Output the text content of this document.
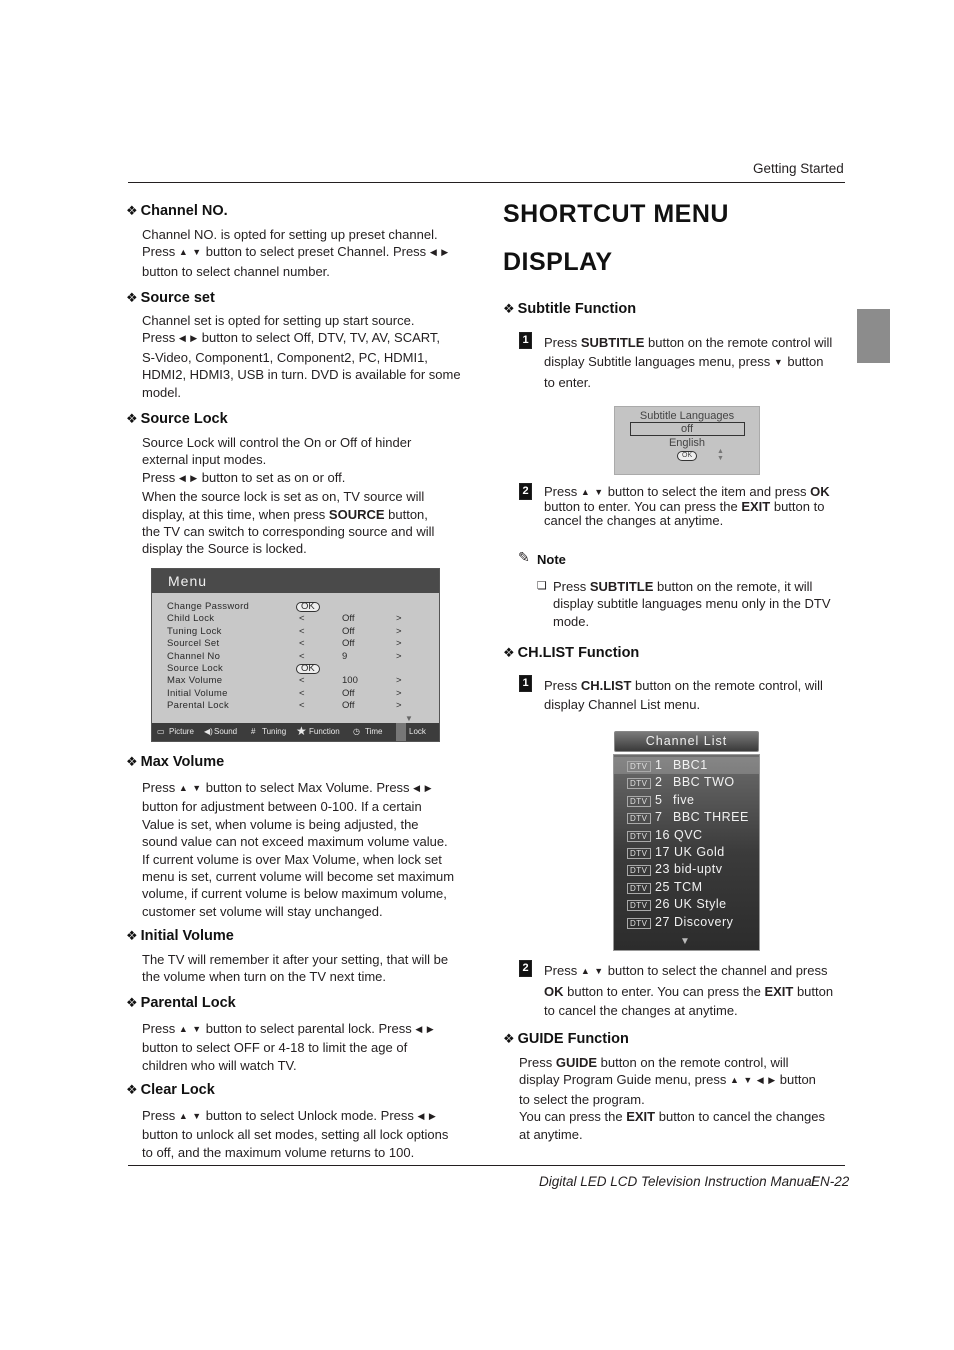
Getting Started
❖ Channel NO.

Channel NO. is opted for setting up preset channel.

Press ▲ ▼ button to select preset Channel. Press ◀ ▶

button to select channel number.

❖ Source set

Channel set is opted for setting up start source.

Press ◀ ▶ button to select Off, DTV, TV, AV, SCART,

S-Video, Component1, Component2, PC, HDMI1,

HDMI2, HDMI3, USB in turn. DVD is available for some

model.

❖ Source Lock

Source Lock will control the On or Off of hinder

external input modes.

Press ◀ ▶ button to set as on or off.

When the source lock is set as on, TV source will

display, at this time, when press SOURCE button,

the TV can switch to corresponding source and will

display the Source is locked.

Menu
Change Password	OK
Child Lock	<	Off	>
Tuning Lock	<	Off	>
Sourcel Set	<	Off	>
Channel No	<	9	>
Source Lock	OK
Max Volume	<	100	>
Initial Volume	<	Off	>
Parental Lock	<	Off	>
▼
▭ Picture ◀) Sound # Tuning ★ Function ◷ Time	Lock
❖ Max Volume

Press ▲ ▼ button to select Max Volume. Press ◀ ▶

button for adjustment between 0-100. If a certain

Value is set, when volume is being adjusted, the

sound value can not exceed maximum volume value.

If current volume is over Max Volume, when lock set

menu is set, current volume will become set maximum

volume, if current volume is below maximum volume,

customer set volume will stay unchanged.

❖ Initial Volume

The TV will remember it after your setting, that will be

the volume when turn on the TV next time.

❖ Parental Lock

Press ▲ ▼ button to select parental lock. Press ◀ ▶

button to select OFF or 4-18 to limit the age of

children who will watch TV.

❖ Clear Lock

Press ▲ ▼ button to select Unlock mode. Press ◀ ▶

button to unlock all set modes, setting all lock options

to off, and the maximum volume returns to 100.

SHORTCUT MENU
DISPLAY
❖ Subtitle Function
1 Press SUBTITLE button on the remote control will

display Subtitle languages menu, press ▼ button

to enter.

Subtitle Languages
off
English
OK
▲
▼
2 Press ▲ ▼ button to select the item and press OK

button to enter. You can press the EXIT button to

cancel the changes at anytime.

✎ Note
❏ Press SUBTITLE button on the remote, it will

display subtitle languages menu only in the DTV

mode.

❖ CH.LIST Function
1 Press CH.LIST button on the remote control, will

display Channel List menu.

Channel List
DTV 1 BBC1
DTV 2 BBC TWO
DTV 5 five
DTV 7 BBC THREE
DTV 16 QVC
DTV 17 UK Gold
DTV 23 bid-uptv
DTV 25 TCM
DTV 26 UK Style
DTV 27 Discovery
▼
2 Press ▲ ▼ button to select the channel and press

OK button to enter. You can press the EXIT button

to cancel the changes at anytime.

❖ GUIDE Function

Press GUIDE button on the remote control, will

display Program Guide menu, press ▲ ▼ ◀ ▶ button

to select the program.

You can press the EXIT button to cancel the changes

at anytime.

Digital LED LCD Television Instruction Manual
EN-22
